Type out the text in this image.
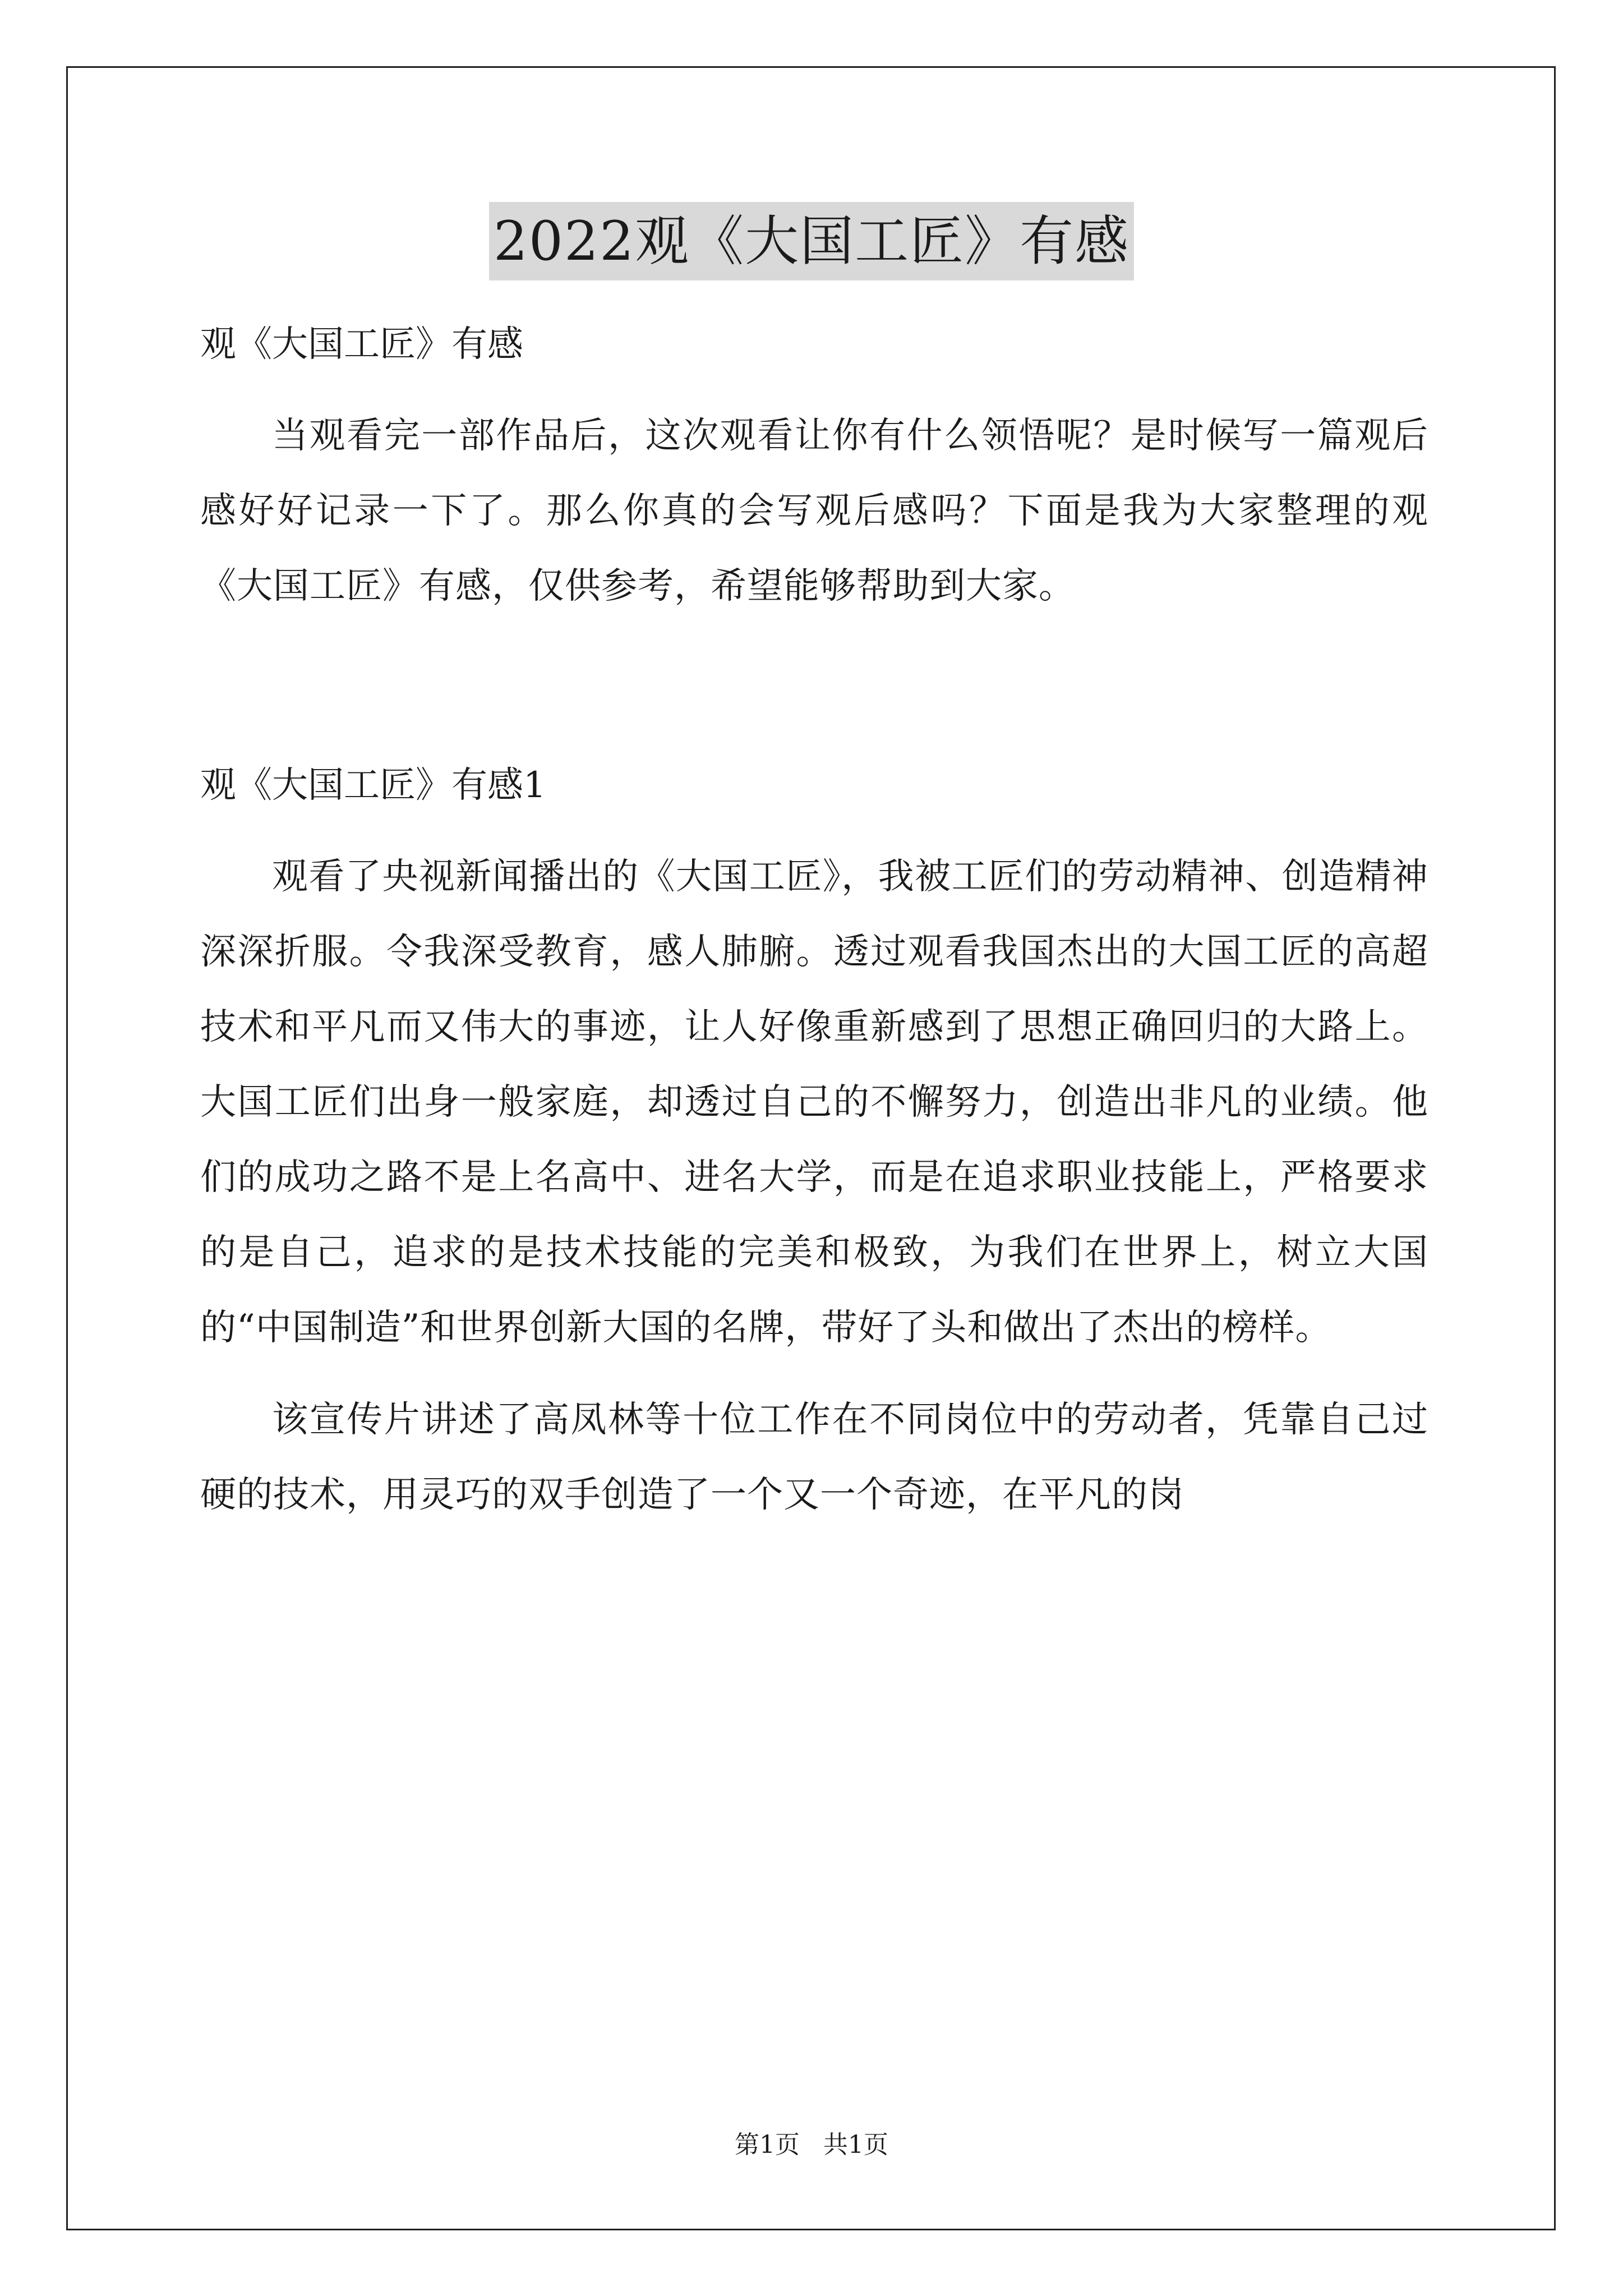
2022观《大国工匠》有感

观《大国工匠》有感

当观看完一部作品后，这次观看让你有什么领悟呢？是时候写一篇观后感好好记录一下了。那么你真的会写观后感吗？下面是我为大家整理的观《大国工匠》有感，仅供参考，希望能够帮助到大家。

观《大国工匠》有感1

观看了央视新闻播出的《大国工匠》，我被工匠们的劳动精神、创造精神深深折服。令我深受教育，感人肺腑。透过观看我国杰出的大国工匠的高超技术和平凡而又伟大的事迹，让人好像重新感到了思想正确回归的大路上。大国工匠们出身一般家庭，却透过自己的不懈努力，创造出非凡的业绩。他们的成功之路不是上名高中、进名大学，而是在追求职业技能上，严格要求的是自己，追求的是技术技能的完美和极致，为我们在世界上，树立大国的“中国制造”和世界创新大国的名牌，带好了头和做出了杰出的榜样。

该宣传片讲述了高凤林等十位工作在不同岗位中的劳动者，凭靠自己过硬的技术，用灵巧的双手创造了一个又一个奇迹，在平凡的岗

第1页 共1页
